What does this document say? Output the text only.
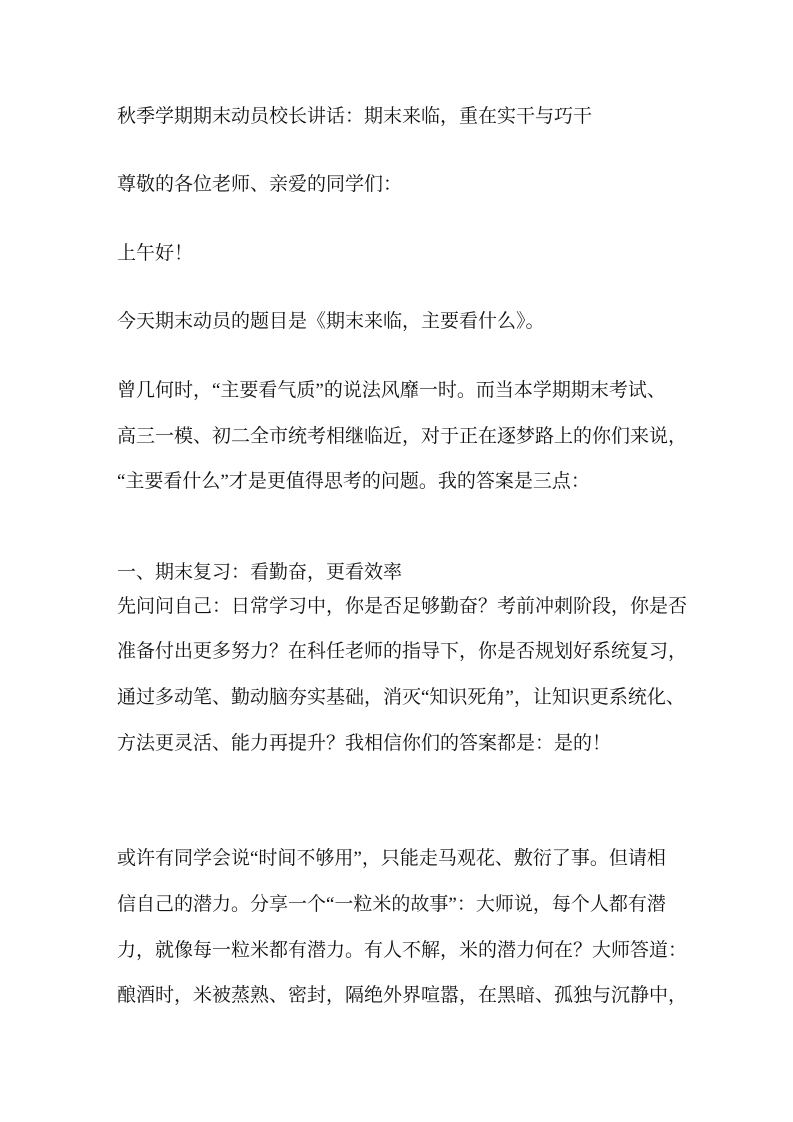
秋季学期期末动员校长讲话：期末来临，重在实干与巧干
尊敬的各位老师、亲爱的同学们：
上午好！
今天期末动员的题目是《期末来临，主要看什么》。
曾几何时，“主要看气质”的说法风靡一时。而当本学期期末考试、
高三一模、初二全市统考相继临近，对于正在逐梦路上的你们来说，
“主要看什么”才是更值得思考的问题。我的答案是三点：
一、期末复习：看勤奋，更看效率
先问问自己：日常学习中，你是否足够勤奋？考前冲刺阶段，你是否
准备付出更多努力？在科任老师的指导下，你是否规划好系统复习，
通过多动笔、勤动脑夯实基础，消灭“知识死角”，让知识更系统化、
方法更灵活、能力再提升？我相信你们的答案都是：是的！
或许有同学会说“时间不够用”，只能走马观花、敷衍了事。但请相
信自己的潜力。分享一个“一粒米的故事”：大师说，每个人都有潜
力，就像每一粒米都有潜力。有人不解，米的潜力何在？大师答道：
酿酒时，米被蒸熟、密封，隔绝外界喧嚣，在黑暗、孤独与沉静中，
